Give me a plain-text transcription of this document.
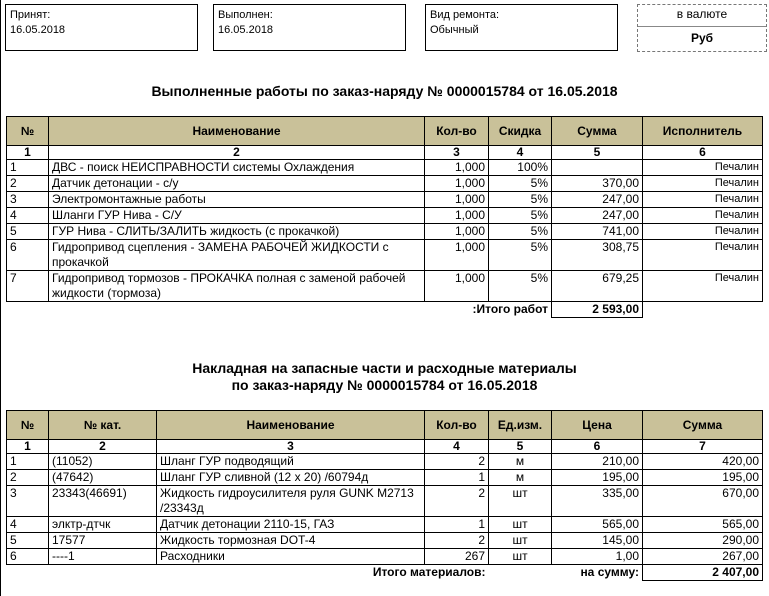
Принят:
16.05.2018
Выполнен:
16.05.2018
Вид ремонта:
Обычный
в валюте
Руб
Выполненные работы по заказ-наряду № 0000015784 от 16.05.2018
№	Наименование	Кол-во	Скидка	Сумма	Исполнитель
1	2	3	4	5	6
1	ДВС - поиск НЕИСПРАВНОСТИ системы Охлаждения	1,000	100%		Печалин
2	Датчик детонации - с/у	1,000	5%	370,00	Печалин
3	Электромонтажные работы	1,000	5%	247,00	Печалин
4	Шланги ГУР Нива - С/У	1,000	5%	247,00	Печалин
5	ГУР Нива - СЛИТЬ/ЗАЛИТЬ жидкость (с прокачкой)	1,000	5%	741,00	Печалин
6	Гидропривод сцепления - ЗАМЕНА РАБОЧЕЙ ЖИДКОСТИ с прокачкой	1,000	5%	308,75	Печалин
7	Гидропривод тормозов - ПРОКАЧКА полная с заменой рабочей жидкости (тормоза)	1,000	5%	679,25	Печалин
			Итого работ:	2 593,00	
Накладная на запасные части и расходные материалы
по заказ-наряду № 0000015784 от 16.05.2018
№	№ кат.	Наименование	Кол-во	Ед.изм.	Цена	Сумма
1	2	3	4	5	6	7
1	(11052)	Шланг ГУР подводящий	2	м	210,00	420,00
2	(47642)	Шланг ГУР сливной (12 х 20) /60794д	1	м	195,00	195,00
3	23343(46691)	Жидкость гидроусилителя руля GUNK M2713 /23343д	2	шт	335,00	670,00
4	элктр-дтчк	Датчик детонации 2110-15, ГАЗ	1	шт	565,00	565,00
5	17577	Жидкость тормозная DOT-4	2	шт	145,00	290,00
6	----1	Расходники	267	шт	1,00	267,00
		Итого материалов:			на сумму:	2 407,00
